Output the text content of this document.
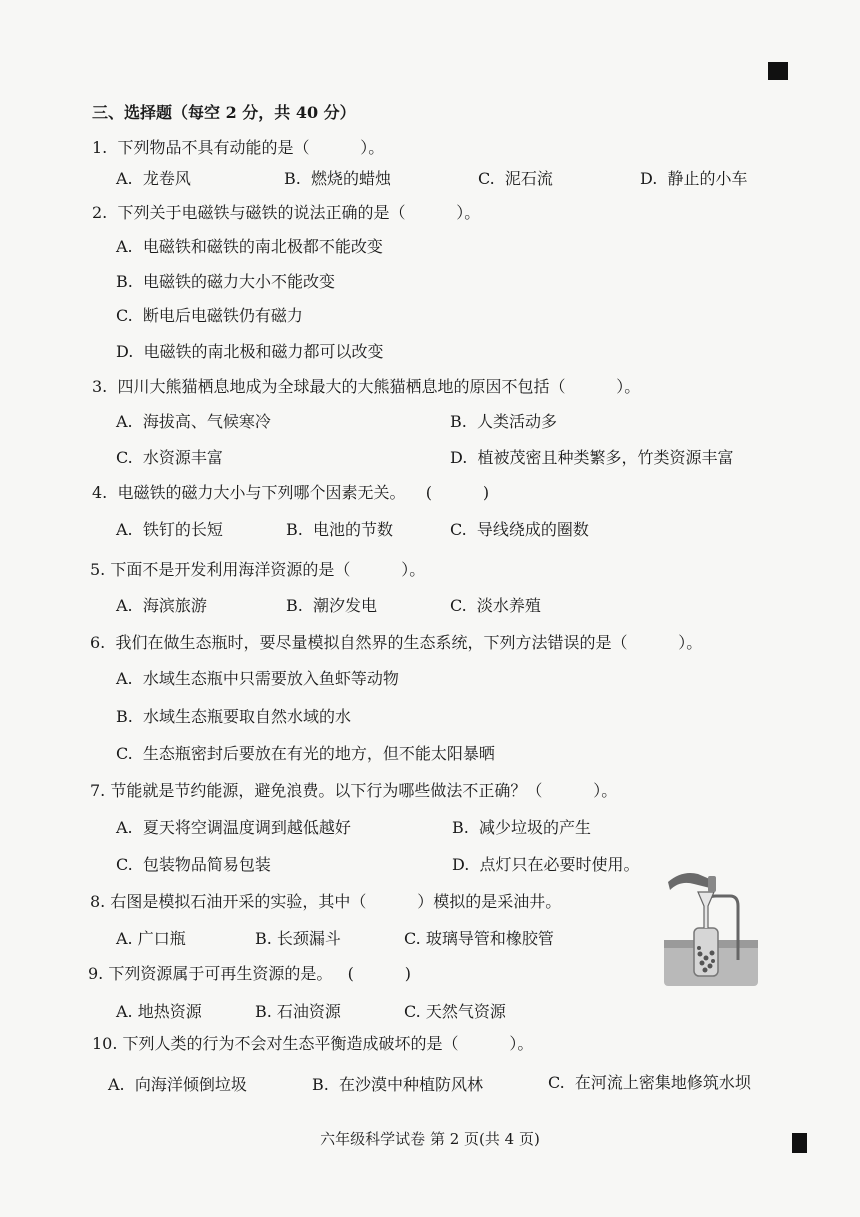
三、选择题（每空 2 分，共 40 分）
1.  下列物品不具有动能的是（          ）。
A.  龙卷风	B.  燃烧的蜡烛	C.  泥石流	D.  静止的小车
2.  下列关于电磁铁与磁铁的说法正确的是（          ）。
A.  电磁铁和磁铁的南北极都不能改变
B.  电磁铁的磁力大小不能改变
C.  断电后电磁铁仍有磁力
D.  电磁铁的南北极和磁力都可以改变
3.  四川大熊猫栖息地成为全球最大的大熊猫栖息地的原因不包括（          ）。
A.  海拔高、气候寒冷	B.  人类活动多
C.  水资源丰富	D.  植被茂密且种类繁多，竹类资源丰富
4.  电磁铁的磁力大小与下列哪个因素无关。    (          )
A.  铁钉的长短	B.  电池的节数	C.  导线绕成的圈数
5. 下面不是开发利用海洋资源的是（          ）。
A.  海滨旅游	B.  潮汐发电	C.  淡水养殖
6.  我们在做生态瓶时，要尽量模拟自然界的生态系统，下列方法错误的是（          ）。
A.  水域生态瓶中只需要放入鱼虾等动物
B.  水域生态瓶要取自然水域的水
C.  生态瓶密封后要放在有光的地方，但不能太阳暴晒
7. 节能就是节约能源，避免浪费。以下行为哪些做法不正确？（          ）。
A.  夏天将空调温度调到越低越好	B.  减少垃圾的产生
C.  包装物品简易包装	D.  点灯只在必要时使用。
8. 右图是模拟石油开采的实验，其中（          ）模拟的是采油井。
A. 广口瓶	B. 长颈漏斗	C. 玻璃导管和橡胶管
9. 下列资源属于可再生资源的是。   (          )
A. 地热资源	B. 石油资源	C. 天然气资源
10. 下列人类的行为不会对生态平衡造成破坏的是（          ）。
A.  向海洋倾倒垃圾	B.  在沙漠中种植防风林	C.  在河流上密集地修筑水坝
六年级科学试卷 第 2 页(共 4 页)
